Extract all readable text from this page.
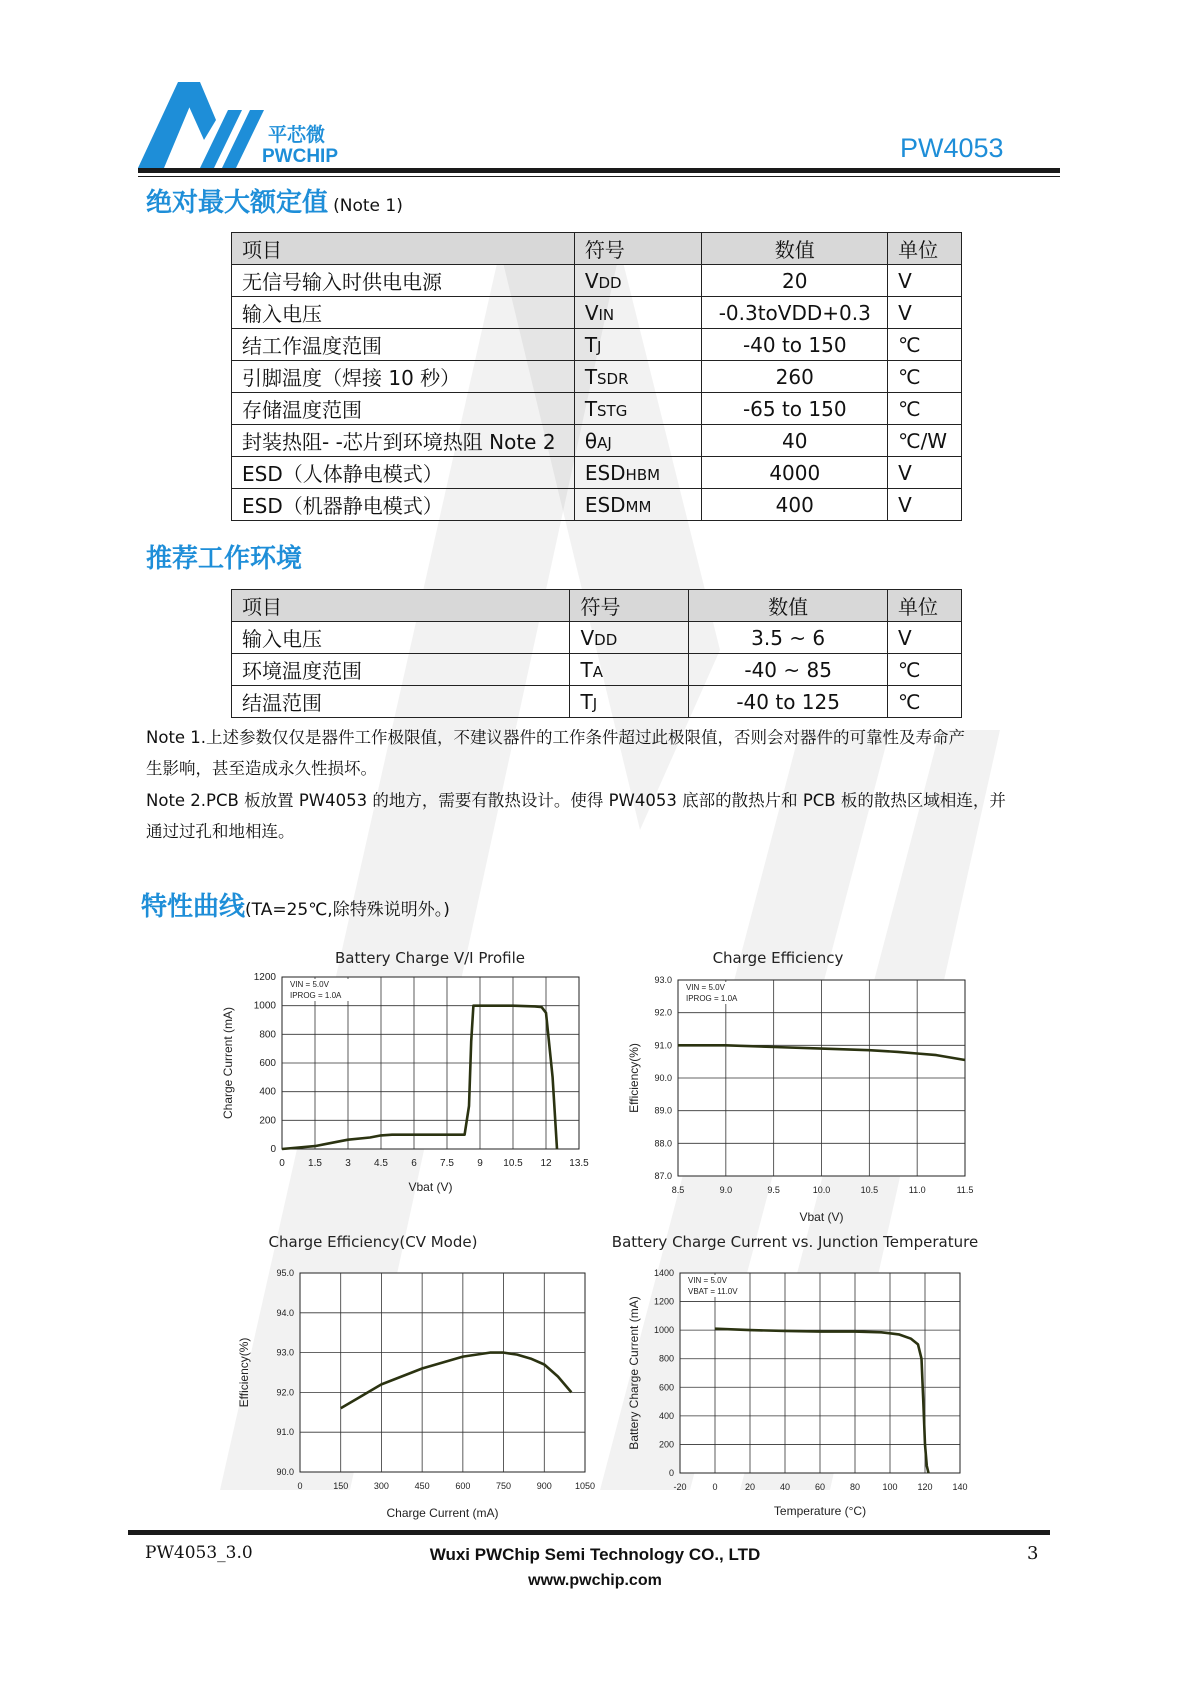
平芯微
PWCHIP	PW4053
绝对最大额定值 (Note 1)
项目	符号	数值	单位
无信号输入时供电电源	VDD	20	V
输入电压	VIN	-0.3toVDD+0.3	V
结工作温度范围	TJ	-40 to 150	℃
引脚温度（焊接 10 秒）	TSDR	260	℃
存储温度范围	TSTG	-65 to 150	℃
封装热阻- -芯片到环境热阻 Note 2	θAJ	40	℃/W
ESD（人体静电模式）	ESDHBM	4000	V
ESD（机器静电模式）	ESDMM	400	V
推荐工作环境
项目	符号	数值	单位
输入电压	VDD	3.5 ~ 6	V
环境温度范围	TA	-40 ~ 85	℃
结温范围	TJ	-40 to 125	℃
Note 1.上述参数仅仅是器件工作极限值，不建议器件的工作条件超过此极限值，否则会对器件的可靠性及寿命产
生影响，甚至造成永久性损坏。
Note 2.PCB 板放置 PW4053 的地方，需要有散热设计。使得 PW4053 底部的散热片和 PCB 板的散热区域相连，并
通过过孔和地相连。
特性曲线(TA=25℃,除特殊说明外。)
Battery Charge V/I Profile
0 1.5 3 4.5 6 7.5 9 10.5 12 13.5
0
200
400
600
800
1000
1200
Vbat (V)
Charge Current (mA)
VIN = 5.0V
IPROG = 1.0A
Charge Efficiency
8.5	9.0	9.5	10.0	10.5	11.0	11.5
87.0
88.0
89.0
90.0
91.0
92.0
93.0
Vbat (V)
Efficiency(%)
VIN = 5.0V
IPROG = 1.0A
Charge Efficiency(CV Mode)
0	150	300	450	600	750	900	1050
90.0
91.0
92.0
93.0
94.0
95.0
Charge Current (mA)
Efficiency(%)
Battery Charge Current vs. Junction Temperature
-20	0	20	40	60	80 100 120 140
0
200
400
600
800
1000
1200
1400
Temperature (°C)
Battery Charge Current (mA)
VIN = 5.0V
VBAT = 11.0V
PW4053_3.0	Wuxi PWChip Semi Technology CO., LTD
www.pwchip.com
3
